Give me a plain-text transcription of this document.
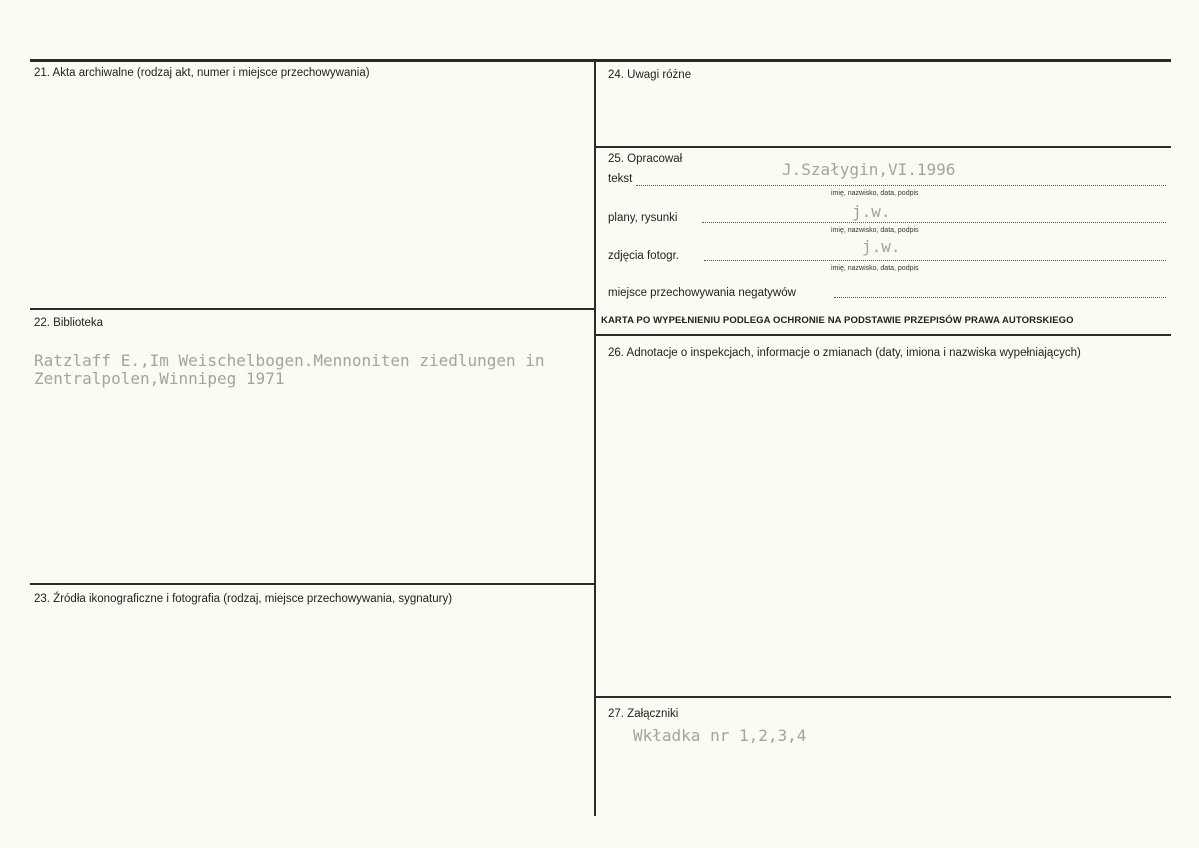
21. Akta archiwalne (rodzaj akt, numer i miejsce przechowywania)
22. Biblioteka
Ratzlaff E.,Im Weischelbogen.Mennoniten ziedlungen in
Zentralpolen,Winnipeg 1971
23. Źródła ikonograficzne i fotografia (rodzaj, miejsce przechowywania, sygnatury)
24. Uwagi różne
25. Opracował
tekst	J.Szałygin,VI.1996
imię, nazwisko, data, podpis
plany, rysunki	j.w.
imię, nazwisko, data, podpis
zdjęcia fotogr.	j.w.
imię, nazwisko, data, podpis
miejsce przechowywania negatywów
KARTA PO WYPEŁNIENIU PODLEGA OCHRONIE NA PODSTAWIE PRZEPISÓW PRAWA AUTORSKIEGO
26. Adnotacje o inspekcjach, informacje o zmianach (daty, imiona i nazwiska wypełniających)
27. Załączniki
Wkładka nr 1,2,3,4
